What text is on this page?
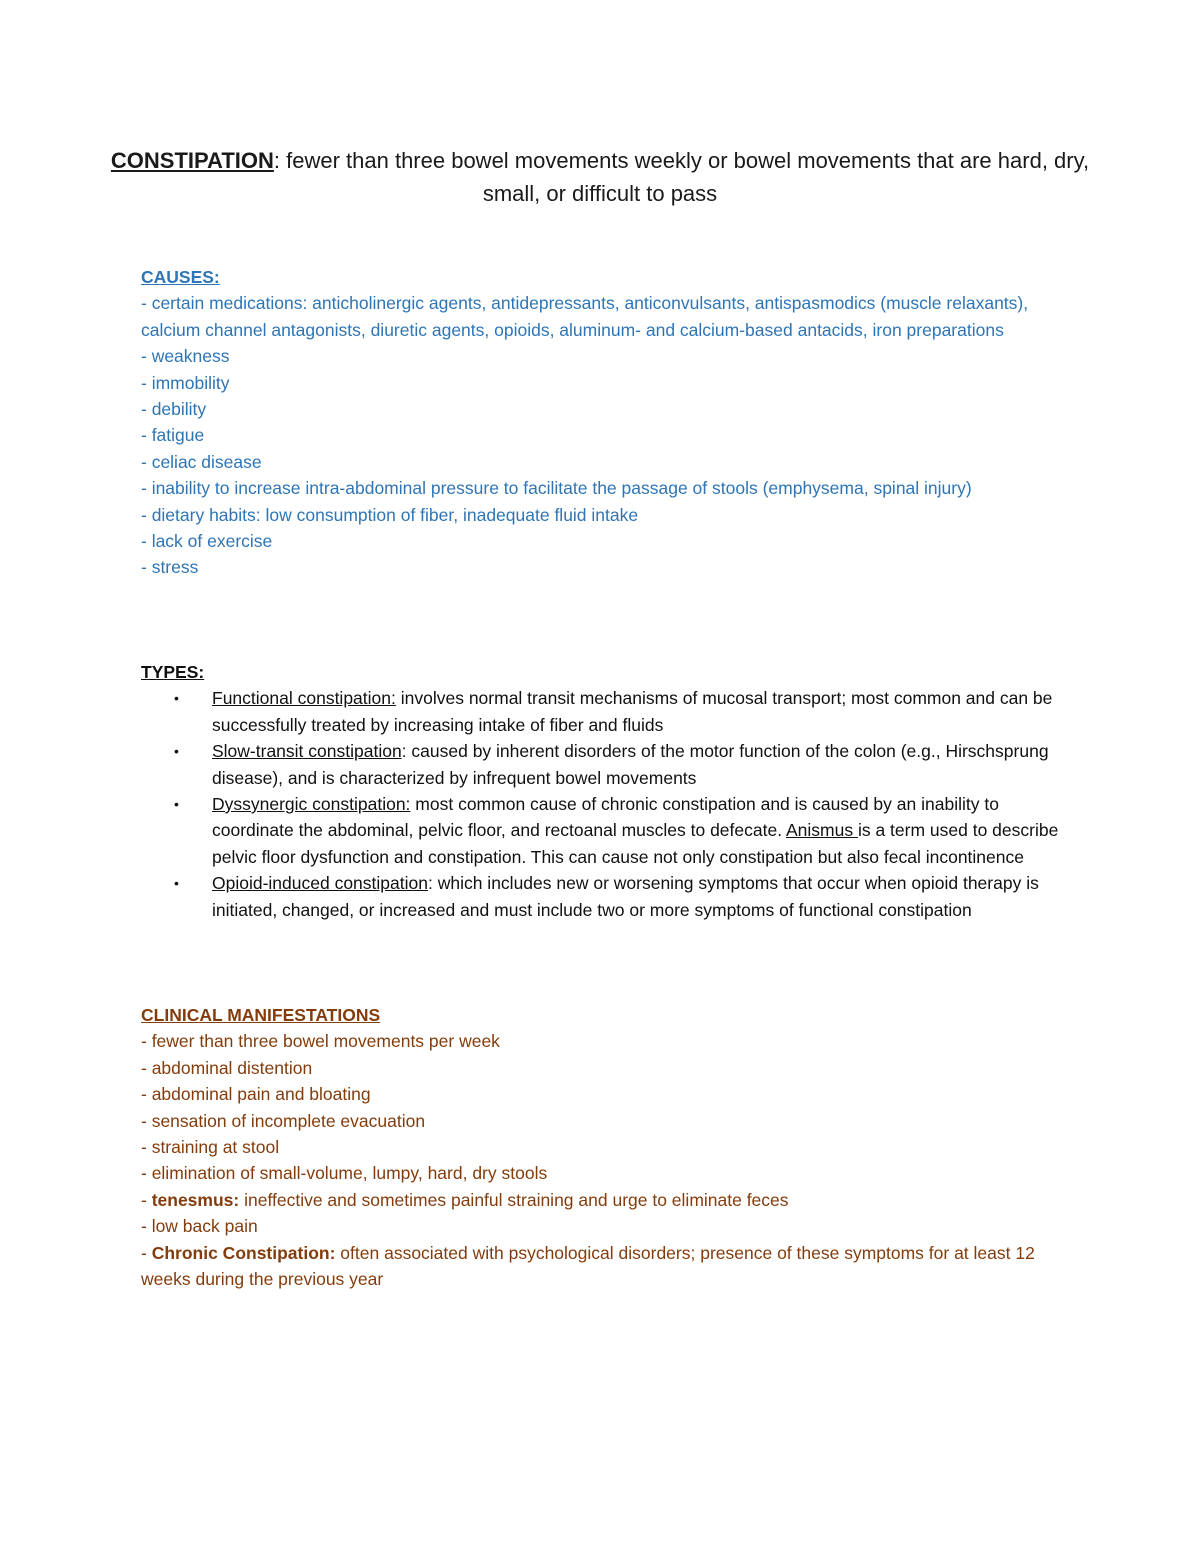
CONSTIPATION: fewer than three bowel movements weekly or bowel movements that are hard, dry, small, or difficult to pass
CAUSES:
- certain medications: anticholinergic agents, antidepressants, anticonvulsants, antispasmodics (muscle relaxants), calcium channel antagonists, diuretic agents, opioids, aluminum- and calcium-based antacids, iron preparations
- weakness
- immobility
- debility
- fatigue
- celiac disease
- inability to increase intra-abdominal pressure to facilitate the passage of stools (emphysema, spinal injury)
- dietary habits: low consumption of fiber, inadequate fluid intake
- lack of exercise
- stress
TYPES:
• Functional constipation: involves normal transit mechanisms of mucosal transport; most common and can be successfully treated by increasing intake of fiber and fluids
• Slow-transit constipation: caused by inherent disorders of the motor function of the colon (e.g., Hirschsprung disease), and is characterized by infrequent bowel movements
• Dyssynergic constipation: most common cause of chronic constipation and is caused by an inability to coordinate the abdominal, pelvic floor, and rectoanal muscles to defecate. Anismus is a term used to describe pelvic floor dysfunction and constipation. This can cause not only constipation but also fecal incontinence
• Opioid-induced constipation: which includes new or worsening symptoms that occur when opioid therapy is initiated, changed, or increased and must include two or more symptoms of functional constipation
CLINICAL MANIFESTATIONS
- fewer than three bowel movements per week
- abdominal distention
- abdominal pain and bloating
- sensation of incomplete evacuation
- straining at stool
- elimination of small-volume, lumpy, hard, dry stools
- tenesmus: ineffective and sometimes painful straining and urge to eliminate feces
- low back pain
- Chronic Constipation: often associated with psychological disorders; presence of these symptoms for at least 12 weeks during the previous year
